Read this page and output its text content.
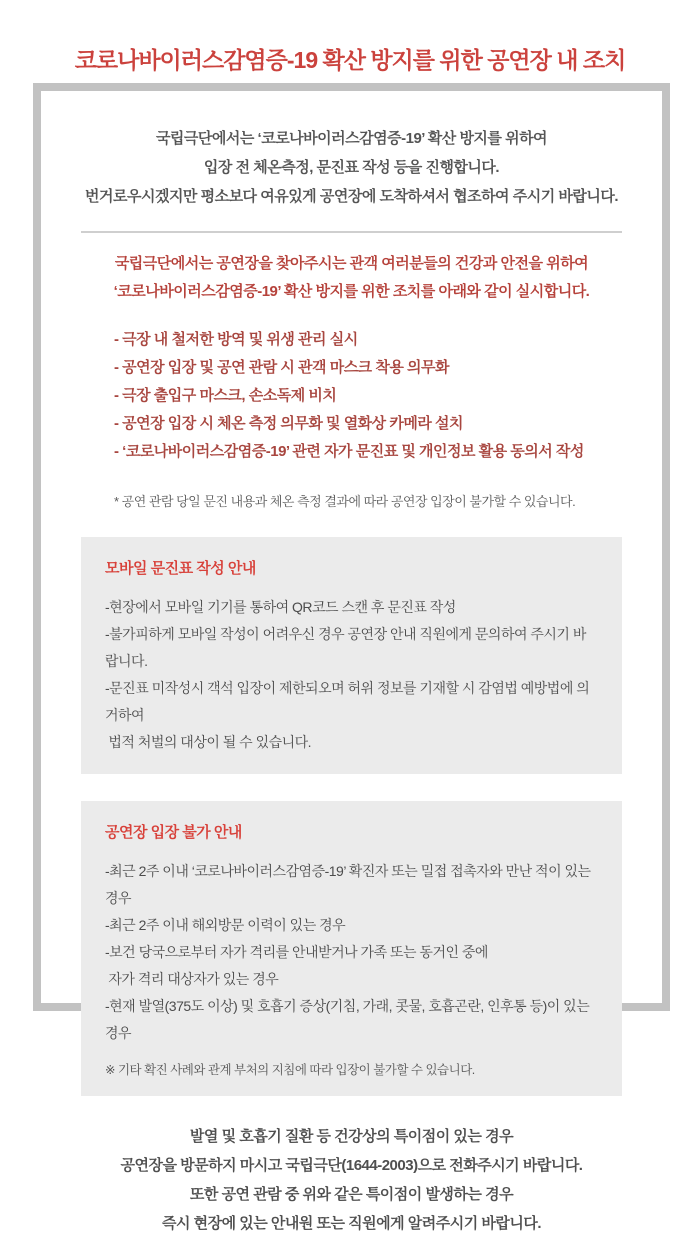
코로나바이러스감염증-19 확산 방지를 위한 공연장 내 조치
국립극단에서는 ‘코로나바이러스감염증-19’ 확산 방지를 위하여
입장 전 체온측정, 문진표 작성 등을 진행합니다.
번거로우시겠지만 평소보다 여유있게 공연장에 도착하셔서 협조하여 주시기 바랍니다.
국립극단에서는 공연장을 찾아주시는 관객 여러분들의 건강과 안전을 위하여
‘코로나바이러스감염증-19’ 확산 방지를 위한 조치를 아래와 같이 실시합니다.
- 극장 내 철저한 방역 및 위생 관리 실시
- 공연장 입장 및 공연 관람 시 관객 마스크 착용 의무화
- 극장 출입구 마스크, 손소독제 비치
- 공연장 입장 시 체온 측정 의무화 및 열화상 카메라 설치
- ‘코로나바이러스감염증-19’ 관련 자가 문진표 및 개인정보 활용 동의서 작성
* 공연 관람 당일 문진 내용과 체온 측정 결과에 따라 공연장 입장이 불가할 수 있습니다.
모바일 문진표 작성 안내
-현장에서 모바일 기기를 통하여 QR코드 스캔 후 문진표 작성
-불가피하게 모바일 작성이 어려우신 경우 공연장 안내 직원에게 문의하여 주시기 바랍니다.
-문진표 미작성시 객석 입장이 제한되오며 허위 정보를 기재할 시 감염법 예방법에 의거하여
법적 처벌의 대상이 될 수 있습니다.
공연장 입장 불가 안내
-최근 2주 이내 ‘코로나바이러스감염증-19’ 확진자 또는 밀접 접촉자와 만난 적이 있는 경우
-최근 2주 이내 해외방문 이력이 있는 경우
-보건 당국으로부터 자가 격리를 안내받거나 가족 또는 동거인 중에
자가 격리 대상자가 있는 경우
-현재 발열(375도 이상) 및 호흡기 증상(기침, 가래, 콧물, 호흡곤란, 인후통 등)이 있는 경우
※ 기타 확진 사례와 관계 부처의 지침에 따라 입장이 불가할 수 있습니다.
발열 및 호흡기 질환 등 건강상의 특이점이 있는 경우
공연장을 방문하지 마시고 국립극단(1644-2003)으로 전화주시기 바랍니다.
또한 공연 관람 중 위와 같은 특이점이 발생하는 경우
즉시 현장에 있는 안내원 또는 직원에게 알려주시기 바랍니다.
